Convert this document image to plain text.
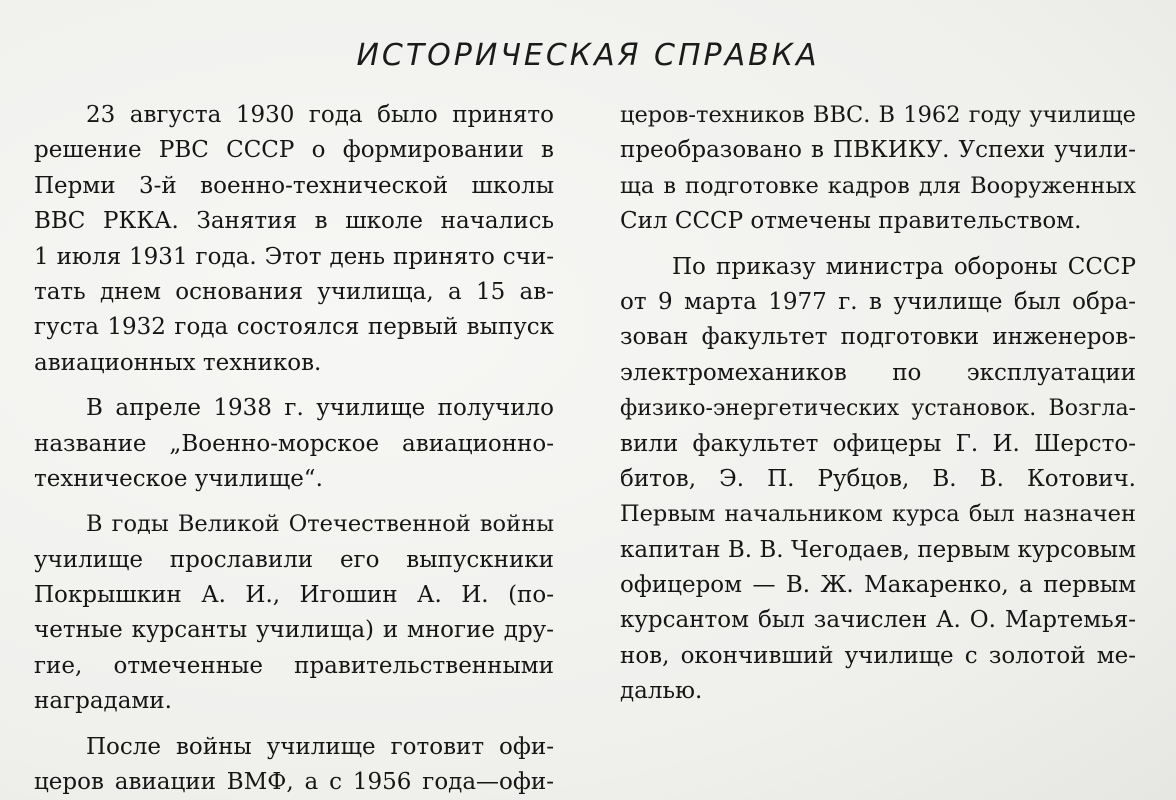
ИСТОРИЧЕСКАЯ СПРАВКА
23 августа 1930 года было принято
решение РВС СССР о формировании в
Перми 3-й военно-технической школы
ВВС РККА. Занятия в школе начались
1 июля 1931 года. Этот день принято счи-
тать днем основания училища, а 15 ав-
густа 1932 года состоялся первый выпуск
авиационных техников.
В апреле 1938 г. училище получило
название „Военно-морское авиационно-
техническое училище“.
В годы Великой Отечественной войны
училище прославили его выпускники
Покрышкин А. И., Игошин А. И. (по-
четные курсанты училища) и многие дру-
гие, отмеченные правительственными
наградами.
После войны училище готовит офи-
церов авиации ВМФ, а с 1956 года—офи-
церов-техников ВВС. В 1962 году училище
преобразовано в ПВКИКУ. Успехи учили-
ща в подготовке кадров для Вооруженных
Сил СССР отмечены правительством.
По приказу министра обороны СССР
от 9 марта 1977 г. в училище был обра-
зован факультет подготовки инженеров-
электромехаников по эксплуатации
физико-энергетических установок. Возгла-
вили факультет офицеры Г. И. Шерсто-
битов, Э. П. Рубцов, В. В. Котович.
Первым начальником курса был назначен
капитан В. В. Чегодаев, первым курсовым
офицером — В. Ж. Макаренко, а первым
курсантом был зачислен А. О. Мартемья-
нов, окончивший училище с золотой ме-
далью.
